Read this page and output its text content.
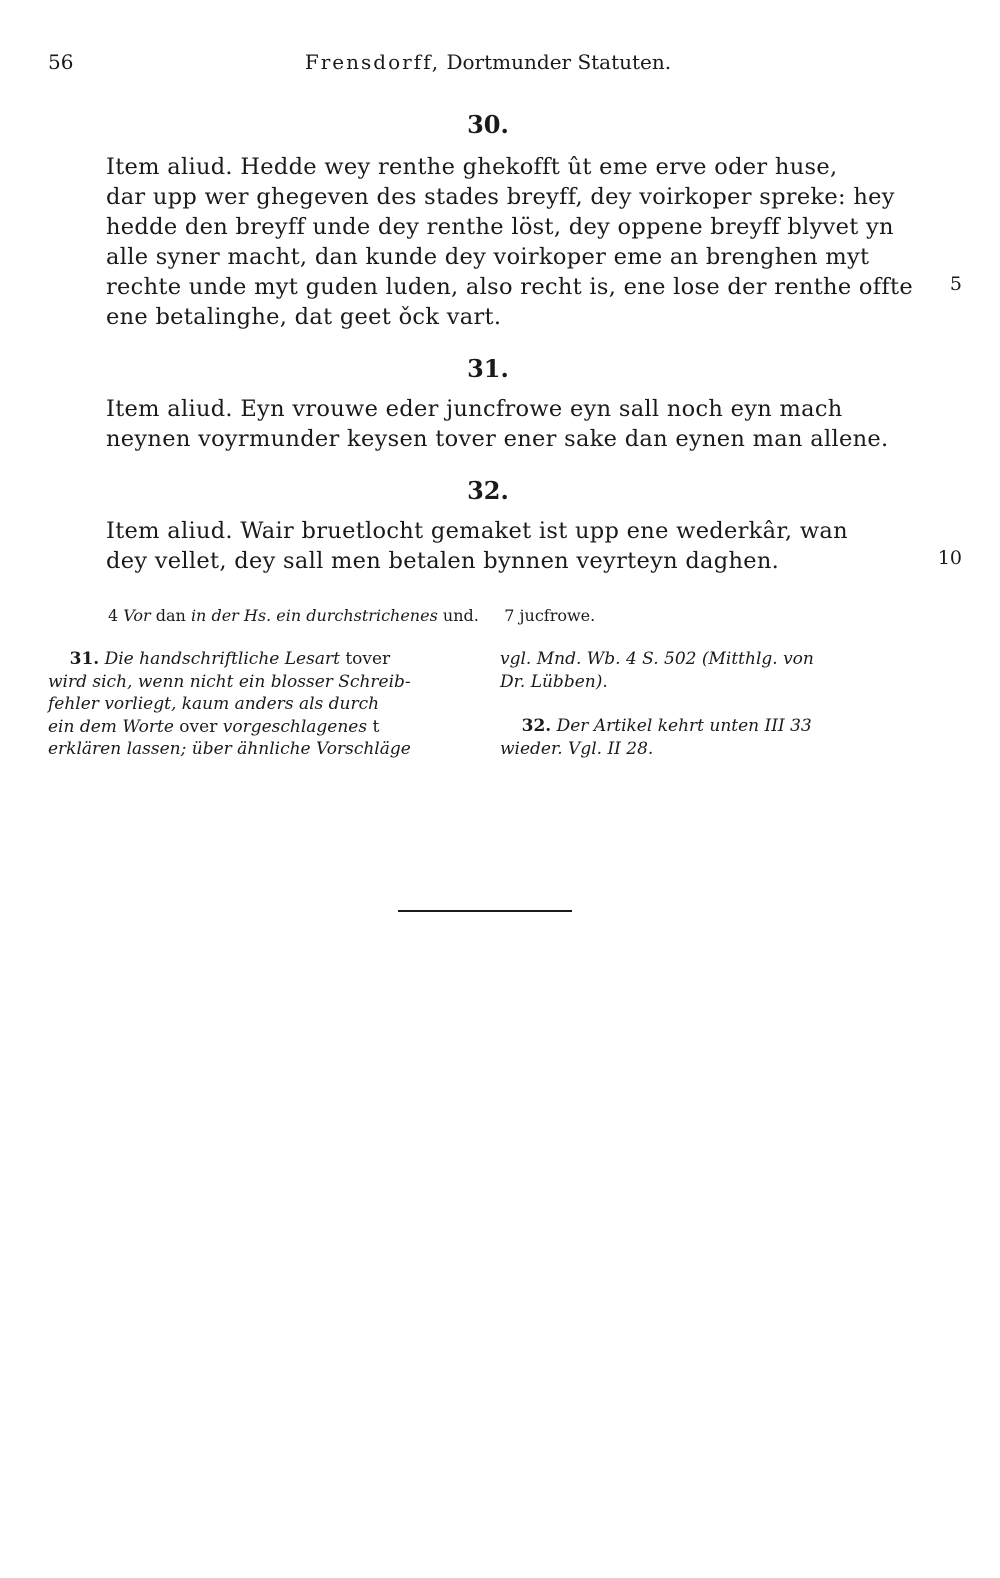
56	Frensdorff, Dortmunder Statuten.
30.

Item aliud. Hedde wey renthe ghekofft ût eme erve oder huse,
dar upp wer ghegeven des stades breyff, dey voirkoper spreke: hey
hedde den breyff unde dey renthe löst, dey oppene breyff blyvet yn
alle syner macht, dan kunde dey voirkoper eme an brenghen myt
rechte unde myt guden luden, also recht is, ene lose der renthe offte
ene betalinghe, dat geet ǒck vart.

5
31.

Item aliud. Eyn vrouwe eder juncfrowe eyn sall noch eyn mach
neynen voyrmunder keysen tover ener sake dan eynen man allene.

32.

Item aliud. Wair bruetlocht gemaket ist upp ene wederkâr, wan
dey vellet, dey sall men betalen bynnen veyrteyn daghen.	10
4 Vor dan in der Hs. ein durchstrichenes und. 7 jucfrowe.
31. Die handschriftliche Lesart tover
wird sich, wenn nicht ein blosser Schreib-
fehler vorliegt, kaum anders als durch
ein dem Worte over vorgeschlagenes t
erklären lassen; über ähnliche Vorschläge
vgl. Mnd. Wb. 4 S. 502 (Mitthlg. von
Dr. Lübben).
32. Der Artikel kehrt unten III 33
wieder. Vgl. II 28.
